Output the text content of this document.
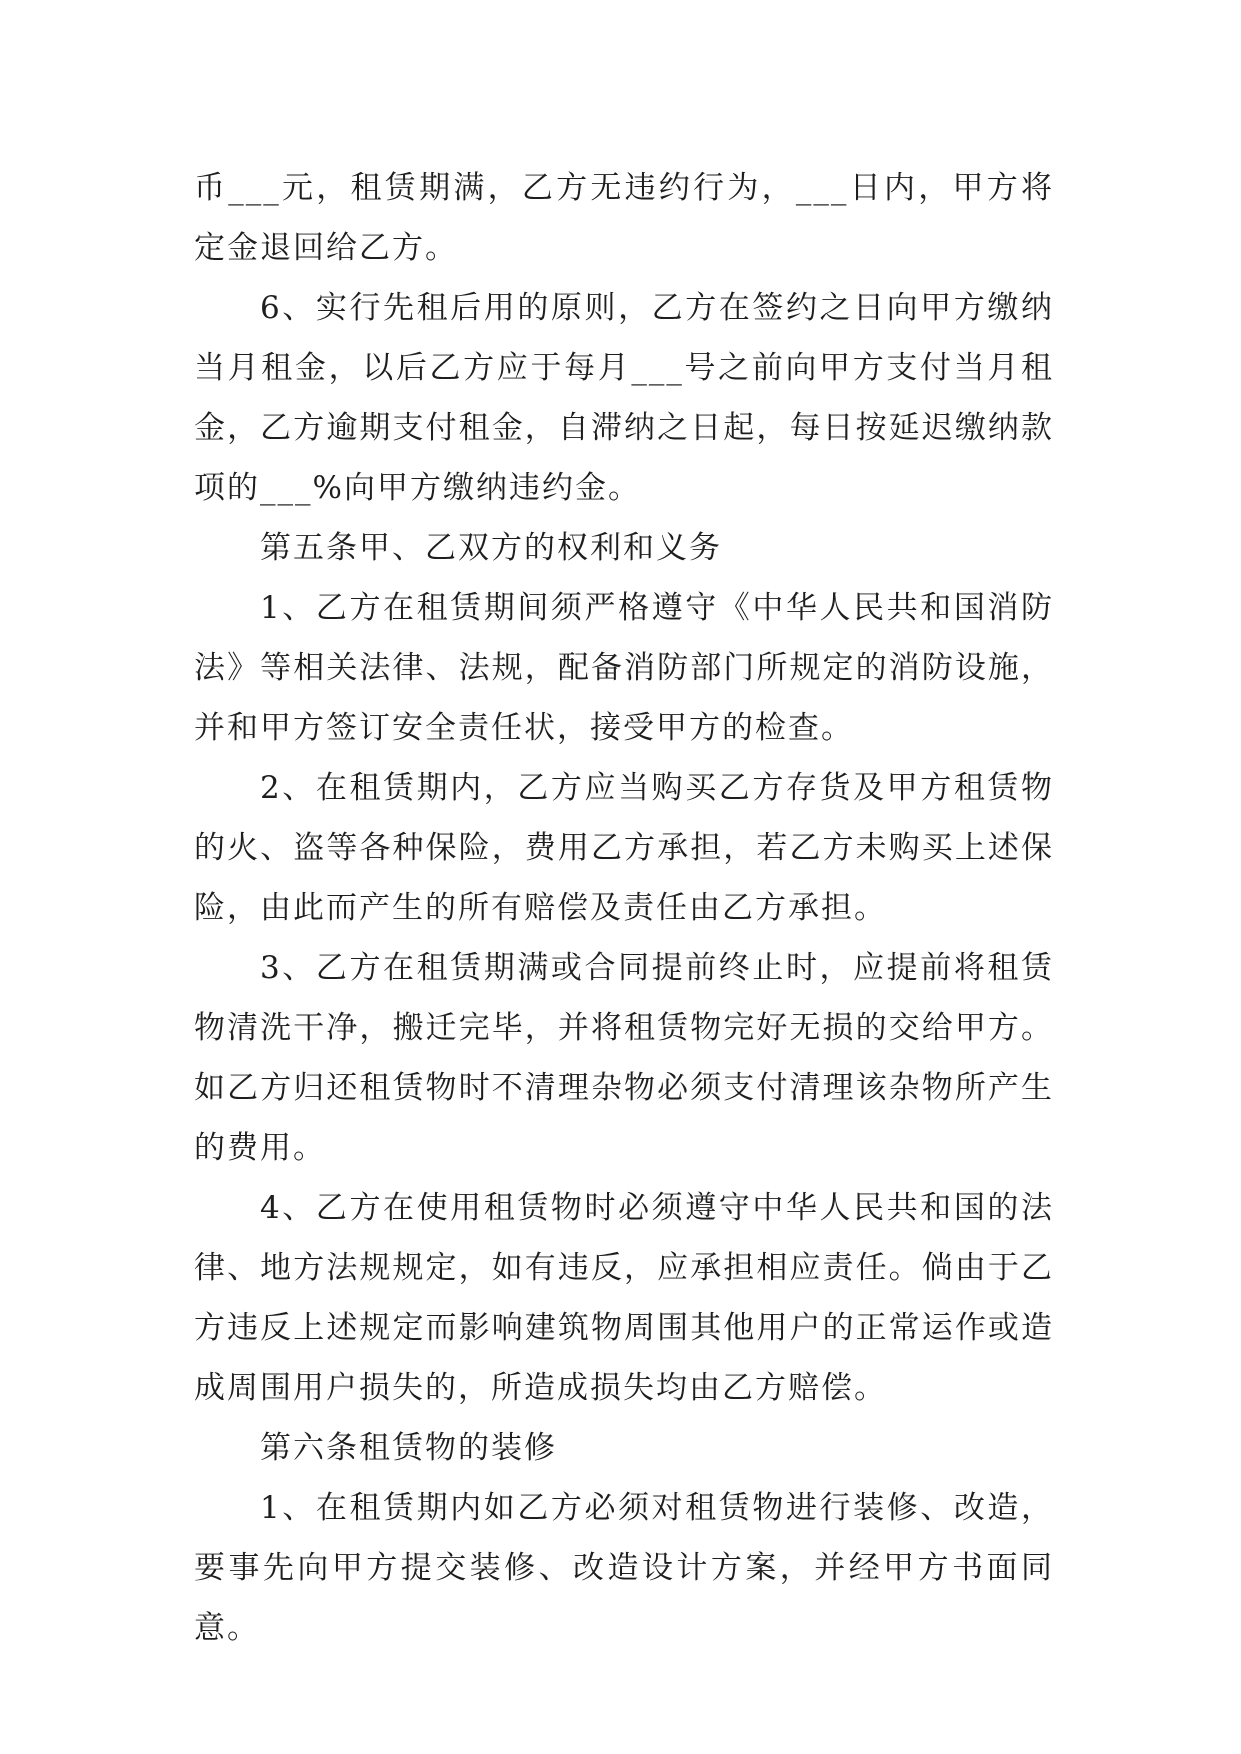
币___元，租赁期满，乙方无违约行为，___日内，甲方将定金退回给乙方。

6、实行先租后用的原则，乙方在签约之日向甲方缴纳当月租金，以后乙方应于每月___号之前向甲方支付当月租金，乙方逾期支付租金，自滞纳之日起，每日按延迟缴纳款项的___%向甲方缴纳违约金。

第五条甲、乙双方的权利和义务

1、乙方在租赁期间须严格遵守《中华人民共和国消防法》等相关法律、法规，配备消防部门所规定的消防设施，并和甲方签订安全责任状，接受甲方的检查。

2、在租赁期内，乙方应当购买乙方存货及甲方租赁物的火、盗等各种保险，费用乙方承担，若乙方未购买上述保险，由此而产生的所有赔偿及责任由乙方承担。

3、乙方在租赁期满或合同提前终止时，应提前将租赁物清洗干净，搬迁完毕，并将租赁物完好无损的交给甲方。如乙方归还租赁物时不清理杂物必须支付清理该杂物所产生的费用。

4、乙方在使用租赁物时必须遵守中华人民共和国的法律、地方法规规定，如有违反，应承担相应责任。倘由于乙方违反上述规定而影响建筑物周围其他用户的正常运作或造成周围用户损失的，所造成损失均由乙方赔偿。

第六条租赁物的装修

1、在租赁期内如乙方必须对租赁物进行装修、改造，要事先向甲方提交装修、改造设计方案，并经甲方书面同意。
